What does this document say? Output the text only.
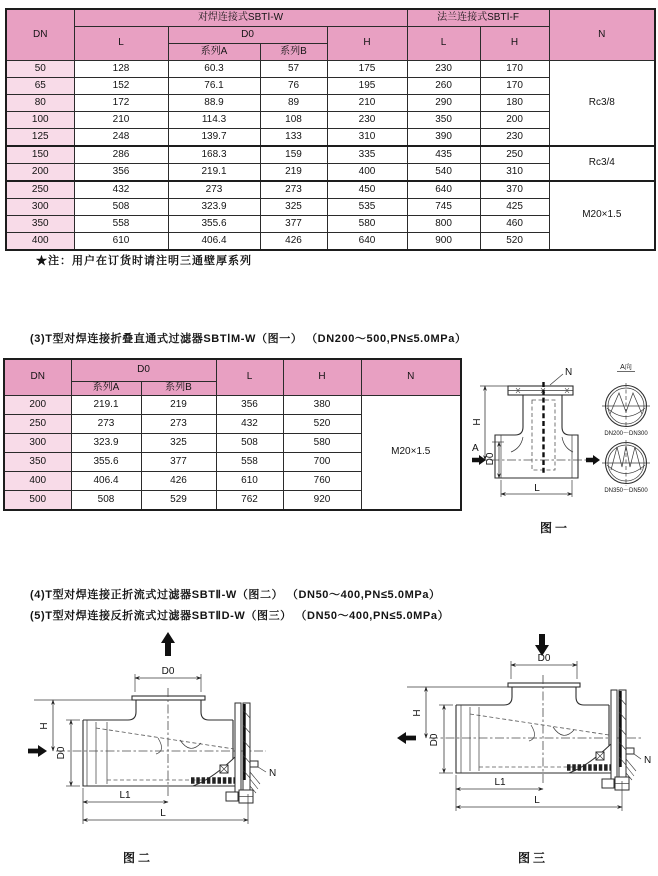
DN	对焊连接式SBTⅠ-W				法兰连接式SBTⅠ-F		N
	L	D0		H	L	H	
		系列A	系列B				
50	128	60.3	57	175	230	170	Rc3/8
65	152	76.1	76	195	260	170	
80	172	88.9	89	210	290	180	
100	210	114.3	108	230	350	200	
125	248	139.7	133	310	390	230	
150	286	168.3	159	335	435	250	Rc3/4
200	356	219.1	219	400	540	310	
250	432	273	273	450	640	370	M20×1.5
300	508	323.9	325	535	745	425	
350	558	355.6	377	580	800	460	
400	610	406.4	426	640	900	520	
★注：用户在订货时请注明三通壁厚系列
(3)T型对焊连接折叠直通式过滤器SBTⅠM-W（图一） （DN200～500,PN≤5.0MPa）
DN	D0		L	H	N
	系列A	系列B			
200	219.1	219	356	380	M20×1.5
250	273	273	432	520	
300	323.9	325	508	580	
350	355.6	377	558	700	
400	406.4	426	610	760	
500	508	529	762	920	
N
H
A
D0
L
A向
DN200～DN300
DN350～DN500
图一
(4)T型对焊连接正折流式过滤器SBTⅡ-W（图二） （DN50～400,PN≤5.0MPa）
(5)T型对焊连接反折流式过滤器SBTⅡD-W（图三） （DN50～400,PN≤5.0MPa）
D0
H
D0
L1
L
N
图二
D0
H
D0
L1
L
N
图三
